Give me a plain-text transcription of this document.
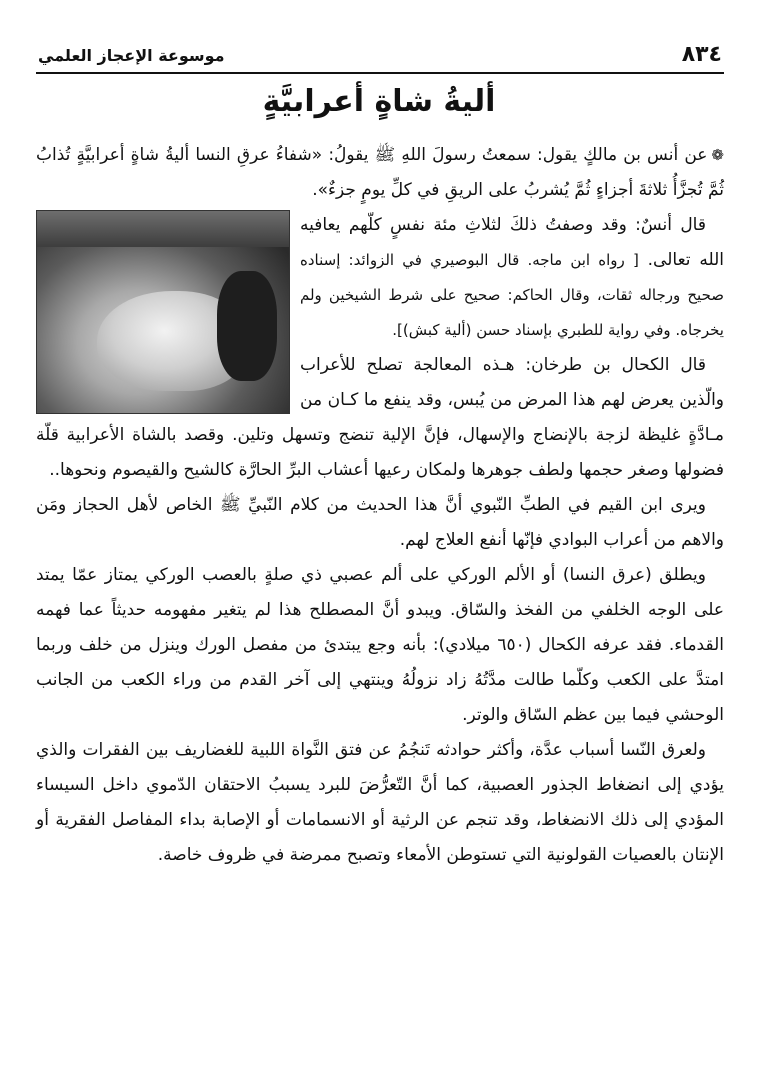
٨٣٤
موسوعة الإعجاز العلمي
أليةُ شاةٍ أعرابيَّةٍ

❁عن أنس بن مالكٍ يقول: سمعتُ رسولَ اللهِ ﷺ يقولُ: «شفاءُ عرقِ النسا أليةُ شاةٍ أعرابيَّةٍ تُذابُ ثُمَّ تُجزَّأُ ثلاثةَ أجزاءٍ ثُمَّ يُشربُ على الريقِ في كلِّ يومٍ جزءٌ».

قال أنسٌ: وقد وصفتُ ذلكَ لثلاثِ مئة نفسٍ كلّهم يعافيه الله تعالى. [ رواه ابن ماجه. قال البوصيري في الزوائد: إسناده صحيح ورجاله ثقات، وقال الحاكم: صحيح على شرط الشيخين ولم يخرجاه. وفي رواية للطبري بإسناد حسن (ألية كبش)].

قال الكحال بن طرخان: هـذه المعالجة تصلح للأعراب والّذين يعرض لهم هذا المرض من يُبس، وقد ينفع ما كـان من مـادَّةٍ غليظة لزجة بالإنضاج والإسهال، فإنَّ الإلية تنضج وتسهل وتلين. وقصد بالشاة الأعرابية قلّة فضولها وصغر حجمها ولطف جوهرها ولمكان رعيها أعشاب البرِّ الحارَّة كالشيح والقيصوم ونحوها..

ويرى ابن القيم في الطبِّ النّبوي أنَّ هذا الحديث من كلام النّبيِّ ﷺ الخاص لأهل الحجاز ومَن والاهم من أعراب البوادي فإنّها أنفع العلاج لهم.

ويطلق (عرق النسا) أو الألم الوركي على ألم عصبي ذي صلةٍ بالعصب الوركي يمتاز عمّا يمتد على الوجه الخلفي من الفخذ والسّاق. ويبدو أنَّ المصطلح هذا لم يتغير مفهومه حديثاً عما فهمه القدماء. فقد عرفه الكحال (٦٥٠ ميلادي): بأنه وجع يبتدئ من مفصل الورك وينزل من خلف وربما امتدَّ على الكعب وكلّما طالت مدَّتُهُ زاد نزولُهُ وينتهي إلى آخر القدم من وراء الكعب من الجانب الوحشي فيما بين عظم السّاق والوتر.

ولعرق النّسا أسباب عدَّة، وأكثر حوادثه تَنجُمُ عن فتق النَّواة اللبية للغضاريف بين الفقرات والذي يؤدي إلى انضغاط الجذور العصبية، كما أنَّ التّعرُّضَ للبرد يسببُ الاحتقان الدّموي داخل السيساء المؤدي إلى ذلك الانضغاط، وقد تنجم عن الرثية أو الانسمامات أو الإصابة بداء المفاصل الفقرية أو الإنتان بالعصيات القولونية التي تستوطن الأمعاء وتصبح ممرضة في ظروف خاصة.
